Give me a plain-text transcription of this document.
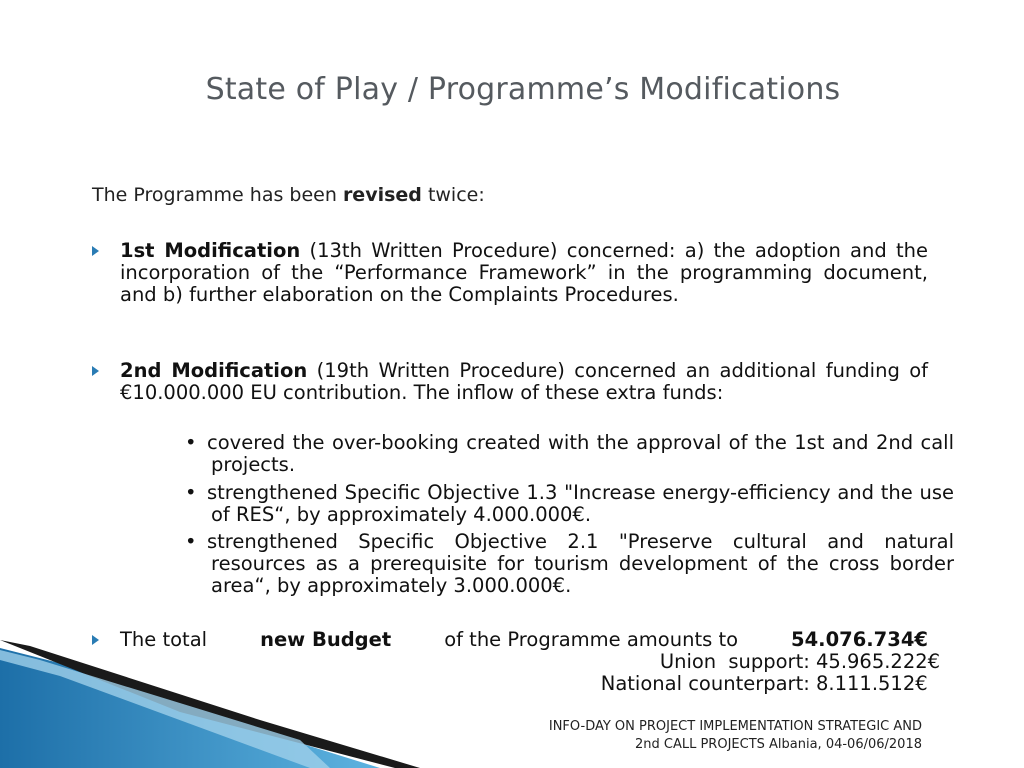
State of Play / Programme’s Modifications
The Programme has been revised twice:
1st Modification (13th Written Procedure) concerned: a) the adoption and the incorporation of the “Performance Framework” in the programming document, and b) further elaboration on the Complaints Procedures.
2nd Modification (19th Written Procedure) concerned an additional funding of €10.000.000 EU contribution. The inflow of these extra funds:
• covered the over-booking created with the approval of the 1st and 2nd call projects.
• strengthened Specific Objective 1.3 "Increase energy-efficiency and the use of RES“, by approximately 4.000.000€.
• strengthened Specific Objective 2.1 "Preserve cultural and natural resources as a prerequisite for tourism development of the cross border area“, by approximately 3.000.000€.
The total	new Budget	of the Programme amounts to	54.076.734€
Union support: 45.965.222€
National counterpart: 8.111.512€
INFO-DAY ON PROJECT IMPLEMENTATION STRATEGIC AND
2nd CALL PROJECTS Albania, 04-06/06/2018
